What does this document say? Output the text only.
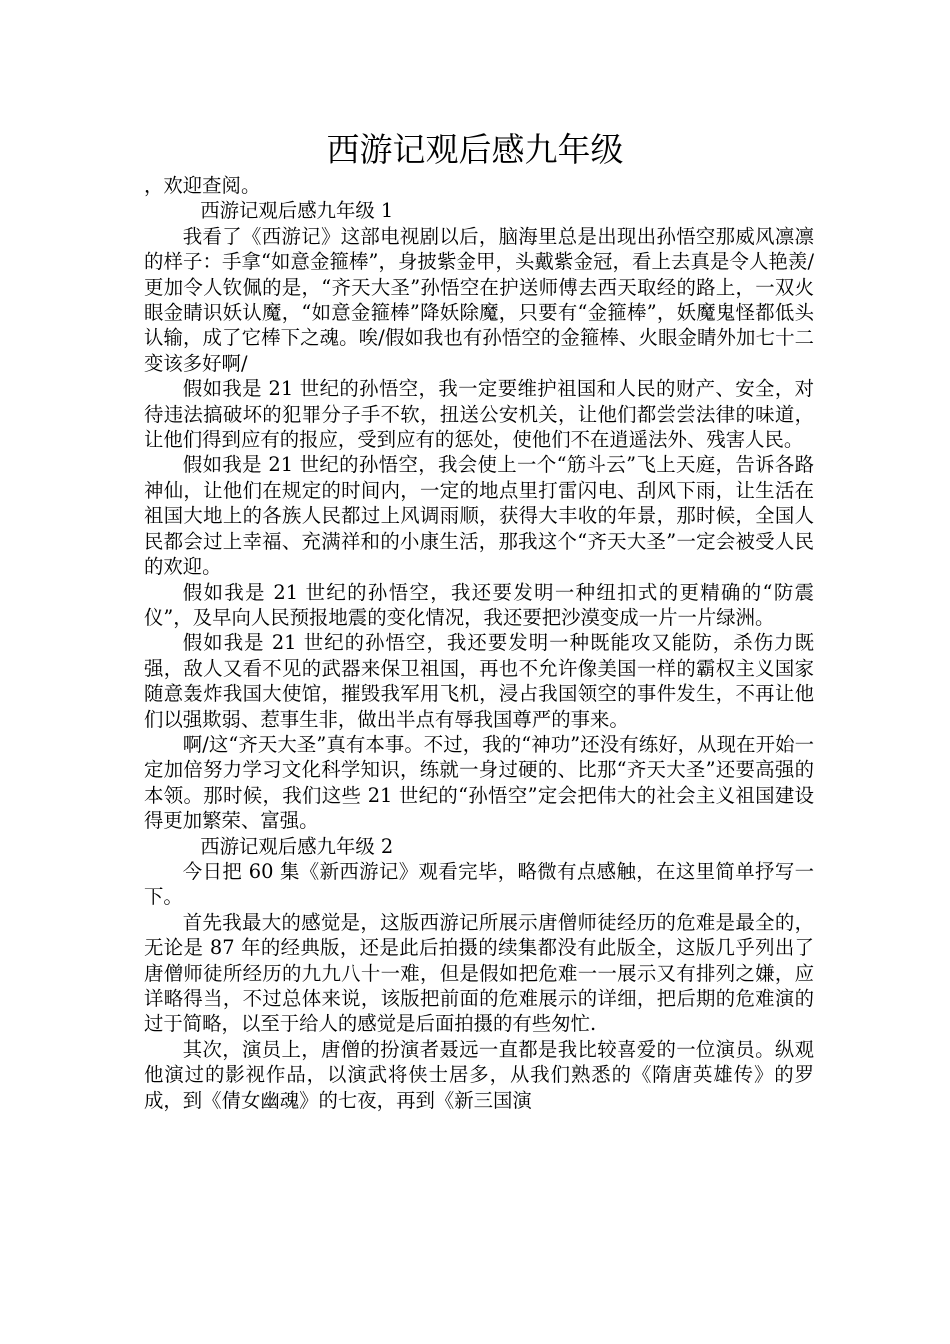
西游记观后感九年级

，欢迎查阅。

西游记观后感九年级 1

我看了《西游记》这部电视剧以后，脑海里总是出现出孙悟空那威风凛凛的样子：手拿“如意金箍棒”，身披紫金甲，头戴紫金冠，看上去真是令人艳羡/更加令人钦佩的是，“齐天大圣”孙悟空在护送师傅去西天取经的路上，一双火眼金睛识妖认魔，“如意金箍棒”降妖除魔，只要有“金箍棒”，妖魔鬼怪都低头认输，成了它棒下之魂。唉/假如我也有孙悟空的金箍棒、火眼金睛外加七十二变该多好啊/

假如我是 21 世纪的孙悟空，我一定要维护祖国和人民的财产、安全，对待违法搞破坏的犯罪分子手不软，扭送公安机关，让他们都尝尝法律的味道，让他们得到应有的报应，受到应有的惩处，使他们不在逍遥法外、残害人民。

假如我是 21 世纪的孙悟空，我会使上一个“筋斗云”飞上天庭，告诉各路神仙，让他们在规定的时间内，一定的地点里打雷闪电、刮风下雨，让生活在祖国大地上的各族人民都过上风调雨顺，获得大丰收的年景，那时候，全国人民都会过上幸福、充满祥和的小康生活，那我这个“齐天大圣”一定会被受人民的欢迎。

假如我是 21 世纪的孙悟空，我还要发明一种纽扣式的更精确的“防震仪”，及早向人民预报地震的变化情况，我还要把沙漠变成一片一片绿洲。

假如我是 21 世纪的孙悟空，我还要发明一种既能攻又能防，杀伤力既强，敌人又看不见的武器来保卫祖国，再也不允许像美国一样的霸权主义国家随意轰炸我国大使馆，摧毁我军用飞机，浸占我国领空的事件发生，不再让他们以强欺弱、惹事生非，做出半点有辱我国尊严的事来。

啊/这“齐天大圣”真有本事。不过，我的“神功”还没有练好，从现在开始一定加倍努力学习文化科学知识，练就一身过硬的、比那“齐天大圣”还要高强的本领。那时候，我们这些 21 世纪的“孙悟空”定会把伟大的社会主义祖国建设得更加繁荣、富强。

西游记观后感九年级 2

今日把 60 集《新西游记》观看完毕，略微有点感触，在这里简单抒写一下。

首先我最大的感觉是，这版西游记所展示唐僧师徒经历的危难是最全的，无论是 87 年的经典版，还是此后拍摄的续集都没有此版全，这版几乎列出了唐僧师徒所经历的九九八十一难，但是假如把危难一一展示又有排列之嫌，应详略得当，不过总体来说，该版把前面的危难展示的详细，把后期的危难演的过于简略，以至于给人的感觉是后面拍摄的有些匆忙.

其次，演员上，唐僧的扮演者聂远一直都是我比较喜爱的一位演员。纵观他演过的影视作品，以演武将侠士居多，从我们熟悉的《隋唐英雄传》的罗成，到《倩女幽魂》的七夜，再到《新三国演
